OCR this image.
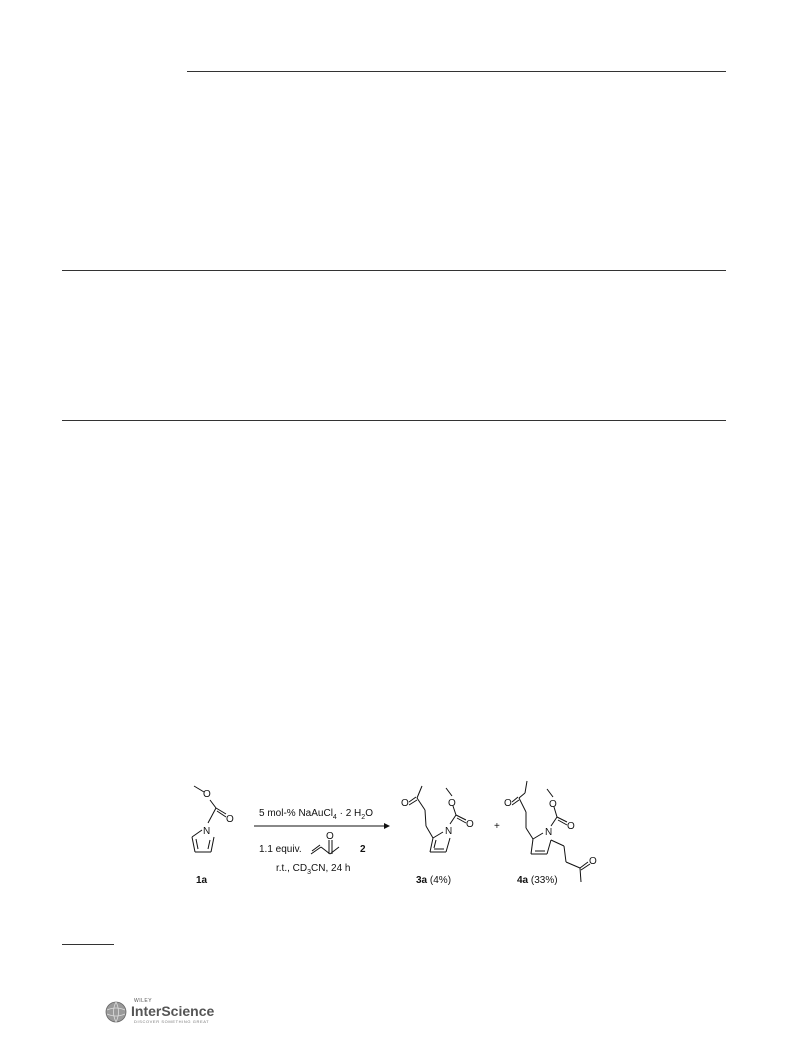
O
O
N	O
O
N
O
O	O
N
O
O
O
5 mol-% NaAuCl$_4$ · 2 $H_2O$
1.1 equiv.	2
r.t., $CD_3CN$, 24 h
1a	3a (4%)
+
4a (33%)
WILEY
InterScience
DISCOVER SOMETHING GREAT
